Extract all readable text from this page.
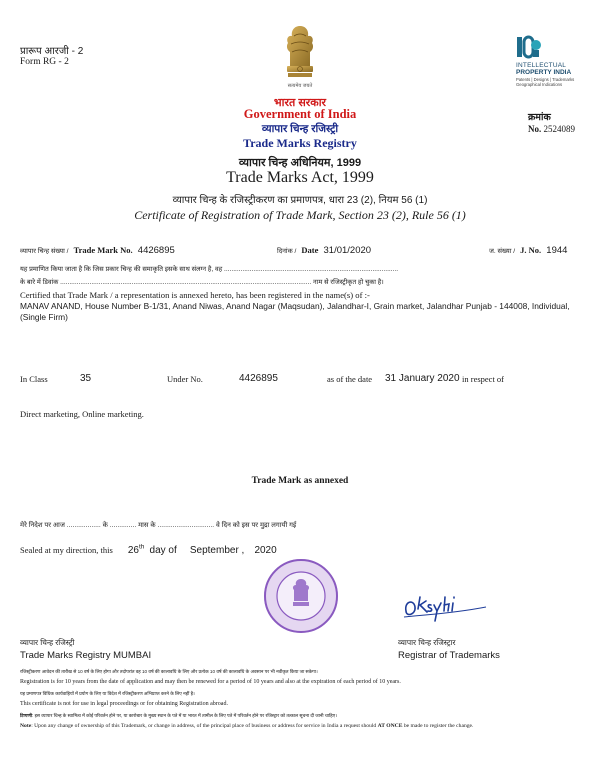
प्रारूप आरजी - 2
Form RG - 2
सत्यमेव जयते
INTELLECTUAL
PROPERTY INDIA
Patents | Designs | Trademarks
Geographical Indications
क्रमांक
No. 2524089
भारत सरकार
Government of India
व्यापार चिन्ह रजिस्ट्री
Trade Marks Registry
व्यापार चिन्ह अधिनियम, 1999
Trade Marks Act, 1999
व्यापार चिन्ह के रजिस्ट्रीकरण का प्रमाणपत्र, धारा 23 (2), नियम 56 (1)
Certificate of Registration of Trade Mark, Section 23 (2), Rule 56 (1)
व्यापार चिन्ह संख्या / Trade Mark No. 4426895	दिनांक / Date 31/01/2020	ज. संख्या / J. No. 1944
यह प्रमाणित किया जाता है कि जिस प्रकार चिन्ह की समाकृति इसके साथ संलग्न है, वह ...............................................................................................
के बारे में डिवांक ......................................................................................................................................... नाम से रजिस्ट्रीकृत हो चुका है।
Certified that Trade Mark / a representation is annexed hereto, has been registered in the name(s) of :-
MANAV ANAND, House Number B-1/31, Anand Niwas, Anand Nagar (Maqsudan), Jalandhar-I, Grain market, Jalandhar Punjab - 144008, Individual, (Single Firm)
In Class	35	Under No.	4426895	as of the date 31 January 2020 in respect of
Direct marketing, Online marketing.
Trade Mark as annexed
मेरे निदेश पर आज .................. के .............. मास के .............................. वे दिन को इस पर मुद्रा लगायी गई
Sealed at my direction, this 26th day of September , 2020
व्यापार चिन्ह रजिस्ट्री
Trade Marks Registry MUMBAI
व्यापार चिन्ह रजिस्ट्रार
Registrar of Trademarks
रजिस्ट्रीकरण आवेदन की तारीख से 10 वर्ष के लिए होगा और तदोपरांत वह 10 वर्ष की कालावधि के लिए और प्रत्येक 10 वर्ष की कालावधि के अवसान पर भी नवीकृत किया जा सकेगा।
Registration is for 10 years from the date of application and may then be renewed for a period of 10 years and also at the expiration of each period of 10 years.
यह प्रमाणपत्र विधिक कार्यवाहियों में प्रयोग के लिए या विदेश में रजिस्ट्रीकरण अभिप्राप्त करने के लिए नहीं है।
This certificate is not for use in legal proceedings or for obtaining Registration abroad.
टिप्पणी: इस व्यापार चिन्ह के स्वामित्व में कोई परिवर्तन होने पर, या कारोबार के मुख्य स्थान के पते में या भारत में तामील के लिए पते में परिवर्तन होने पर रजिस्ट्रार को तत्काल सूचना दी जानी चाहिए।
Note: Upon any change of ownership of this Trademark, or change in address, of the principal place of business or address for service in India a request should AT ONCE be made to register the change.
